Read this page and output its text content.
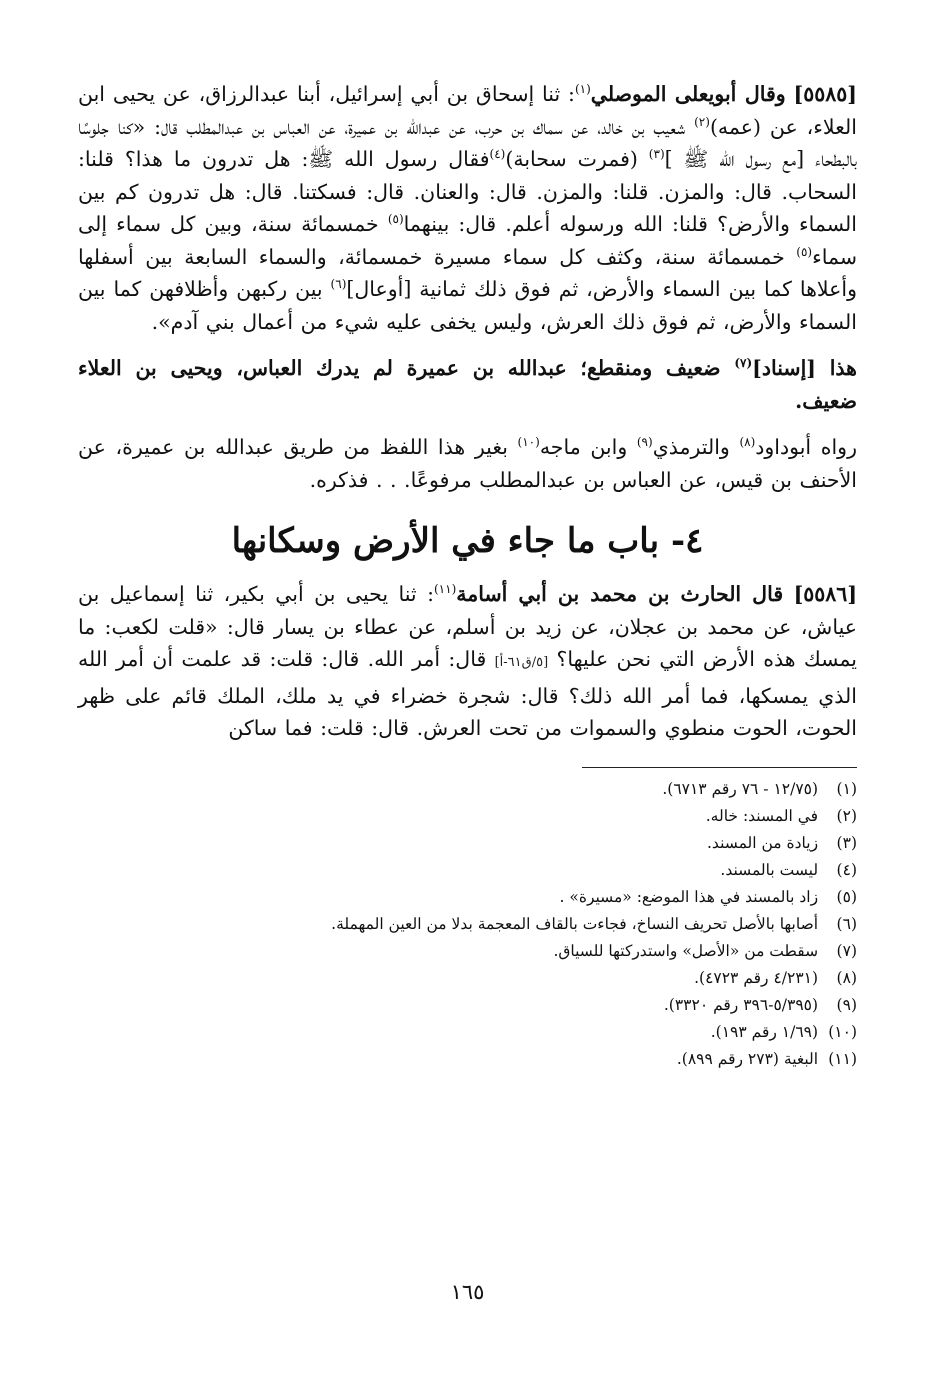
[٥٥٨٥] وقال أبويعلى الموصلي$^{(١)}$: ثنا إسحاق بن أبي إسرائيل، أبنا عبدالرزاق، عن يحيى ابن العلاء، عن (عمه)$^{(٢)}$ شعيب بن خالد، عن سماك بن حرب، عن عبدالله بن عميرة، عن العباس بن عبدالمطلب قال: «كنا جلوسًا بالبطحاء [مع رسول الله ﷺ ]$^{(٣)}$ (فمرت سحابة)$^{(٤)}$فقال رسول الله ﷺ: هل تدرون ما هذا؟ قلنا: السحاب. قال: والمزن. قلنا: والمزن. قال: والعنان. قال: فسكتنا. قال: هل تدرون كم بين السماء والأرض؟ قلنا: الله ورسوله أعلم. قال: بينهما$^{(٥)}$ خمسمائة سنة، وبين كل سماء إلى سماء$^{(٥)}$ خمسمائة سنة، وكثف كل سماء مسيرة خمسمائة، والسماء السابعة بين أسفلها وأعلاها كما بين السماء والأرض، ثم فوق ذلك ثمانية [أوعال]$^{(٦)}$ بين ركبهن وأظلافهن كما بين السماء والأرض، ثم فوق ذلك العرش، وليس يخفى عليه شيء من أعمال بني آدم».

هذا [إسناد]$^{(٧)}$ ضعيف ومنقطع؛ عبدالله بن عميرة لم يدرك العباس، ويحيى بن العلاء ضعيف.

رواه أبوداود$^{(٨)}$ والترمذي$^{(٩)}$ وابن ماجه$^{(١٠)}$ بغير هذا اللفظ من طريق عبدالله بن عميرة، عن الأحنف بن قيس، عن العباس بن عبدالمطلب مرفوعًا. . . فذكره.

٤- باب ما جاء في الأرض وسكانها

[٥٥٨٦] قال الحارث بن محمد بن أبي أسامة$^{(١١)}$: ثنا يحيى بن أبي بكير، ثنا إسماعيل بن عياش، عن محمد بن عجلان، عن زيد بن أسلم، عن عطاء بن يسار قال: «قلت لكعب: ما يمسك هذه الأرض التي نحن عليها؟ [٥/ق٦١-أ] قال: أمر الله. قال: قلت: قد علمت أن أمر الله الذي يمسكها، فما أمر الله ذلك؟ قال: شجرة خضراء في يد ملك، الملك قائم على ظهر الحوت، الحوت منطوي والسموات من تحت العرش. قال: قلت: فما ساكن

(١) (١٢/٧٥ - ٧٦ رقم ٦٧١٣).
(٢) في المسند: خاله.
(٣) زيادة من المسند.
(٤) ليست بالمسند.
(٥) زاد بالمسند في هذا الموضع: «مسيرة» .
(٦) أصابها بالأصل تحريف النساخ، فجاءت بالقاف المعجمة بدلا من العين المهملة.
(٧) سقطت من «الأصل» واستدركتها للسياق.
(٨) (٤/٢٣١ رقم ٤٧٢٣).
(٩) (٥/٣٩٥-٣٩٦ رقم ٣٣٢٠).
(١٠) (١/٦٩ رقم ١٩٣).
(١١) البغية (٢٧٣ رقم ٨٩٩).
١٦٥
